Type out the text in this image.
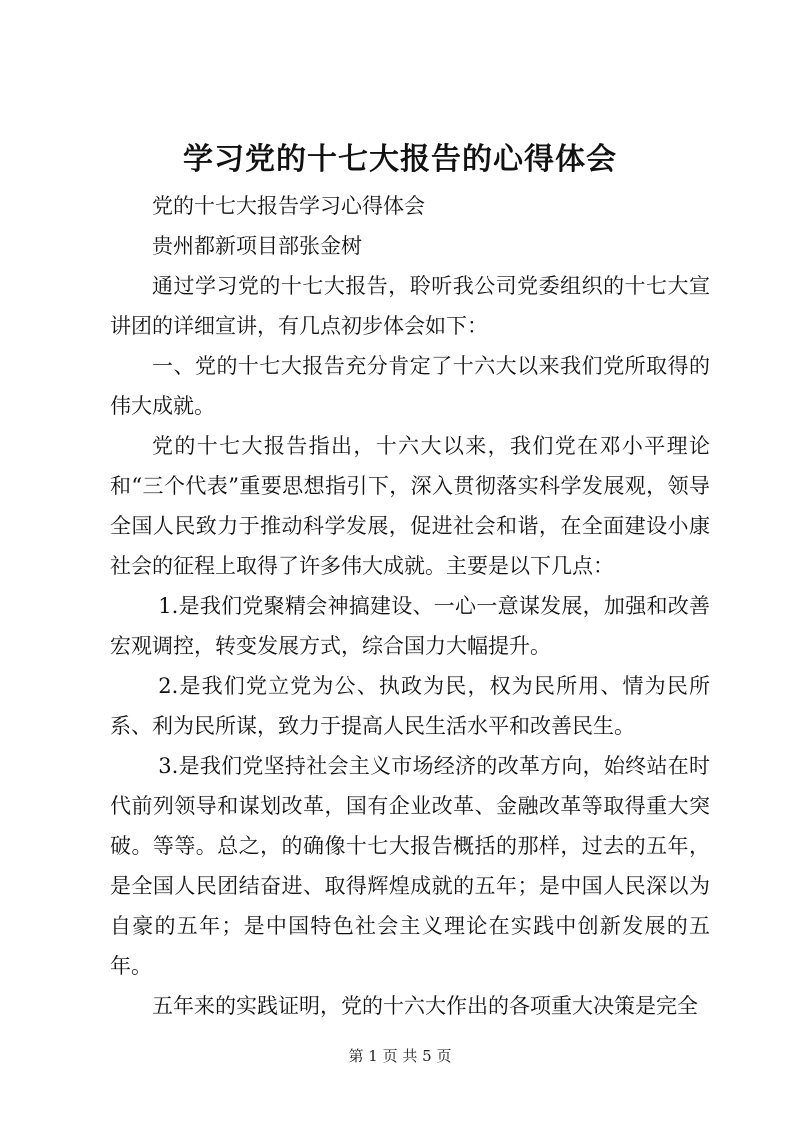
学习党的十七大报告的心得体会

党的十七大报告学习心得体会

贵州都新项目部张金树

通过学习党的十七大报告，聆听我公司党委组织的十七大宣讲团的详细宣讲，有几点初步体会如下：

一、党的十七大报告充分肯定了十六大以来我们党所取得的伟大成就。

党的十七大报告指出，十六大以来，我们党在邓小平理论和“三个代表”重要思想指引下，深入贯彻落实科学发展观，领导全国人民致力于推动科学发展，促进社会和谐，在全面建设小康社会的征程上取得了许多伟大成就。主要是以下几点：

1.是我们党聚精会神搞建设、一心一意谋发展，加强和改善宏观调控，转变发展方式，综合国力大幅提升。

2.是我们党立党为公、执政为民，权为民所用、情为民所系、利为民所谋，致力于提高人民生活水平和改善民生。

3.是我们党坚持社会主义市场经济的改革方向，始终站在时代前列领导和谋划改革，国有企业改革、金融改革等取得重大突破。等等。总之，的确像十七大报告概括的那样，过去的五年，是全国人民团结奋进、取得辉煌成就的五年；是中国人民深以为自豪的五年；是中国特色社会主义理论在实践中创新发展的五年。

五年来的实践证明，党的十六大作出的各项重大决策是完全

第 1 页 共 5 页
